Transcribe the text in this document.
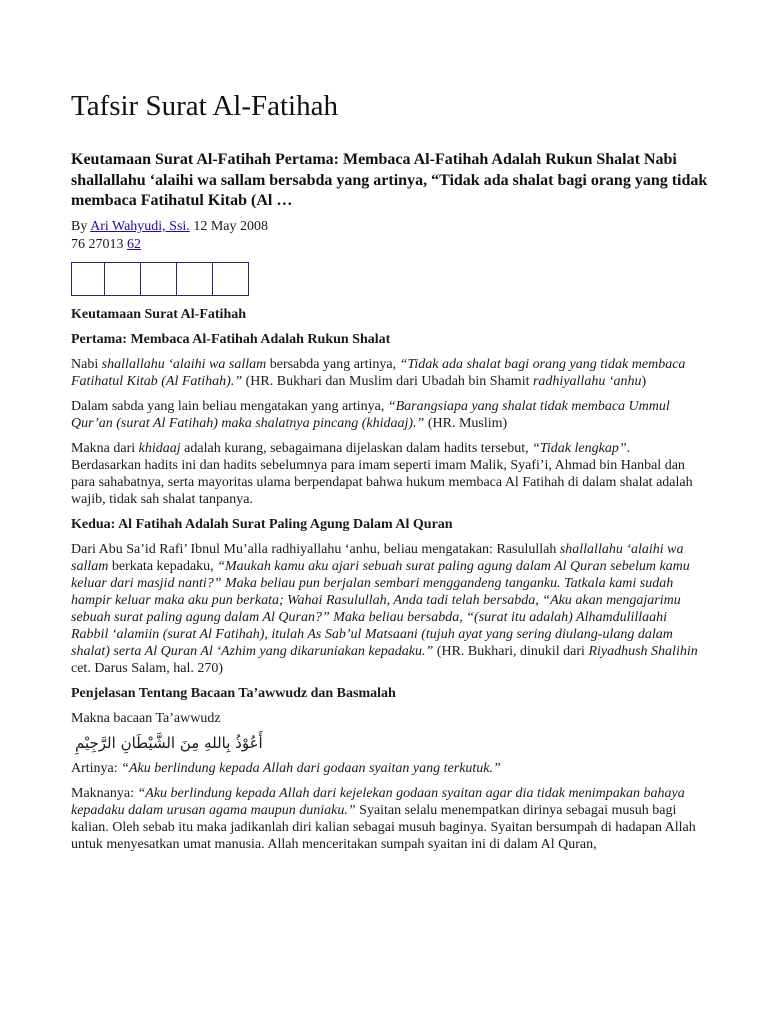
Tafsir Surat Al-Fatihah

Keutamaan Surat Al-Fatihah Pertama: Membaca Al-Fatihah Adalah Rukun Shalat Nabi shallallahu ‘alaihi wa sallam bersabda yang artinya, “Tidak ada shalat bagi orang yang tidak membaca Fatihatul Kitab (Al …

By Ari Wahyudi, Ssi. 12 May 2008
76 27013 62

Keutamaan Surat Al-Fatihah

Pertama: Membaca Al-Fatihah Adalah Rukun Shalat

Nabi shallallahu ‘alaihi wa sallam bersabda yang artinya, “Tidak ada shalat bagi orang yang tidak membaca Fatihatul Kitab (Al Fatihah).” (HR. Bukhari dan Muslim dari Ubadah bin Shamit radhiyallahu ‘anhu)

Dalam sabda yang lain beliau mengatakan yang artinya, “Barangsiapa yang shalat tidak membaca Ummul Qur’an (surat Al Fatihah) maka shalatnya pincang (khidaaj).” (HR. Muslim)

Makna dari khidaaj adalah kurang, sebagaimana dijelaskan dalam hadits tersebut, “Tidak lengkap”. Berdasarkan hadits ini dan hadits sebelumnya para imam seperti imam Malik, Syafi’i, Ahmad bin Hanbal dan para sahabatnya, serta mayoritas ulama berpendapat bahwa hukum membaca Al Fatihah di dalam shalat adalah wajib, tidak sah shalat tanpanya.

Kedua: Al Fatihah Adalah Surat Paling Agung Dalam Al Quran

Dari Abu Sa’id Rafi’ Ibnul Mu’alla radhiyallahu ‘anhu, beliau mengatakan: Rasulullah shallallahu ‘alaihi wa sallam berkata kepadaku, “Maukah kamu aku ajari sebuah surat paling agung dalam Al Quran sebelum kamu keluar dari masjid nanti?” Maka beliau pun berjalan sembari menggandeng tanganku. Tatkala kami sudah hampir keluar maka aku pun berkata; Wahai Rasulullah, Anda tadi telah bersabda, “Aku akan mengajarimu sebuah surat paling agung dalam Al Quran?” Maka beliau bersabda, “(surat itu adalah) Alhamdulillaahi Rabbil ‘alamiin (surat Al Fatihah), itulah As Sab’ul Matsaani (tujuh ayat yang sering diulang-ulang dalam shalat) serta Al Quran Al ‘Azhim yang dikaruniakan kepadaku.” (HR. Bukhari, dinukil dari Riyadhush Shalihin cet. Darus Salam, hal. 270)

Penjelasan Tentang Bacaan Ta’awwudz dan Basmalah

Makna bacaan Ta’awwudz

أَعُوْذُ بِاللهِ مِنَ الشَّيْطَانِ الرَّجِيْمِ

Artinya: “Aku berlindung kepada Allah dari godaan syaitan yang terkutuk.”

Maknanya: “Aku berlindung kepada Allah dari kejelekan godaan syaitan agar dia tidak menimpakan bahaya kepadaku dalam urusan agama maupun duniaku.” Syaitan selalu menempatkan dirinya sebagai musuh bagi kalian. Oleh sebab itu maka jadikanlah diri kalian sebagai musuh baginya. Syaitan bersumpah di hadapan Allah untuk menyesatkan umat manusia. Allah menceritakan sumpah syaitan ini di dalam Al Quran,
